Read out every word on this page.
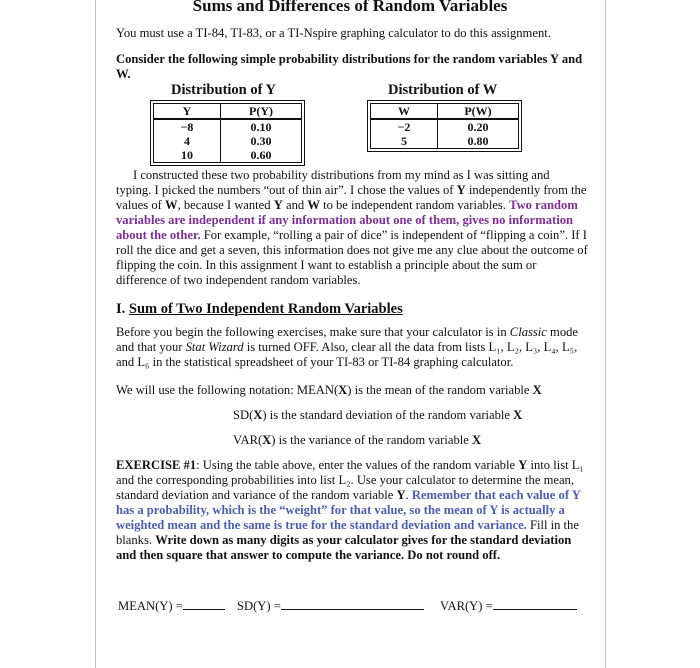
Sums and Differences of Random Variables
You must use a TI-84, TI-83, or a TI-Nspire graphing calculator to do this assignment.
Consider the following simple probability distributions for the random variables Y and W.
Distribution of Y
Y	P(Y)
−8	0.10
4	0.30
10	0.60
Distribution of W
W	P(W)
−2	0.20
5	0.80
I constructed these two probability distributions from my mind as I was sitting and typing. I picked the numbers “out of thin air”. I chose the values of Y independently from the values of W, because I wanted Y and W to be independent random variables. Two random variables are independent if any information about one of them, gives no information about the other. For example, “rolling a pair of dice” is independent of “flipping a coin”. If I roll the dice and get a seven, this information does not give me any clue about the outcome of flipping the coin. In this assignment I want to establish a principle about the sum or difference of two independent random variables.
I. Sum of Two Independent Random Variables
Before you begin the following exercises, make sure that your calculator is in Classic mode and that your Stat Wizard is turned OFF. Also, clear all the data from lists L₁, L₂, L₃, L₄, L₅, and L₆ in the statistical spreadsheet of your TI-83 or TI-84 graphing calculator.
We will use the following notation: MEAN(X) is the mean of the random variable X
SD(X) is the standard deviation of the random variable X
VAR(X) is the variance of the random variable X
EXERCISE #1: Using the table above, enter the values of the random variable Y into list L₁ and the corresponding probabilities into list L₂. Use your calculator to determine the mean, standard deviation and variance of the random variable Y. Remember that each value of Y has a probability, which is the “weight” for that value, so the mean of Y is actually a weighted mean and the same is true for the standard deviation and variance. Fill in the blanks. Write down as many digits as your calculator gives for the standard deviation and then square that answer to compute the variance. Do not round off.
MEAN(Y) =	SD(Y) =	VAR(Y) =
